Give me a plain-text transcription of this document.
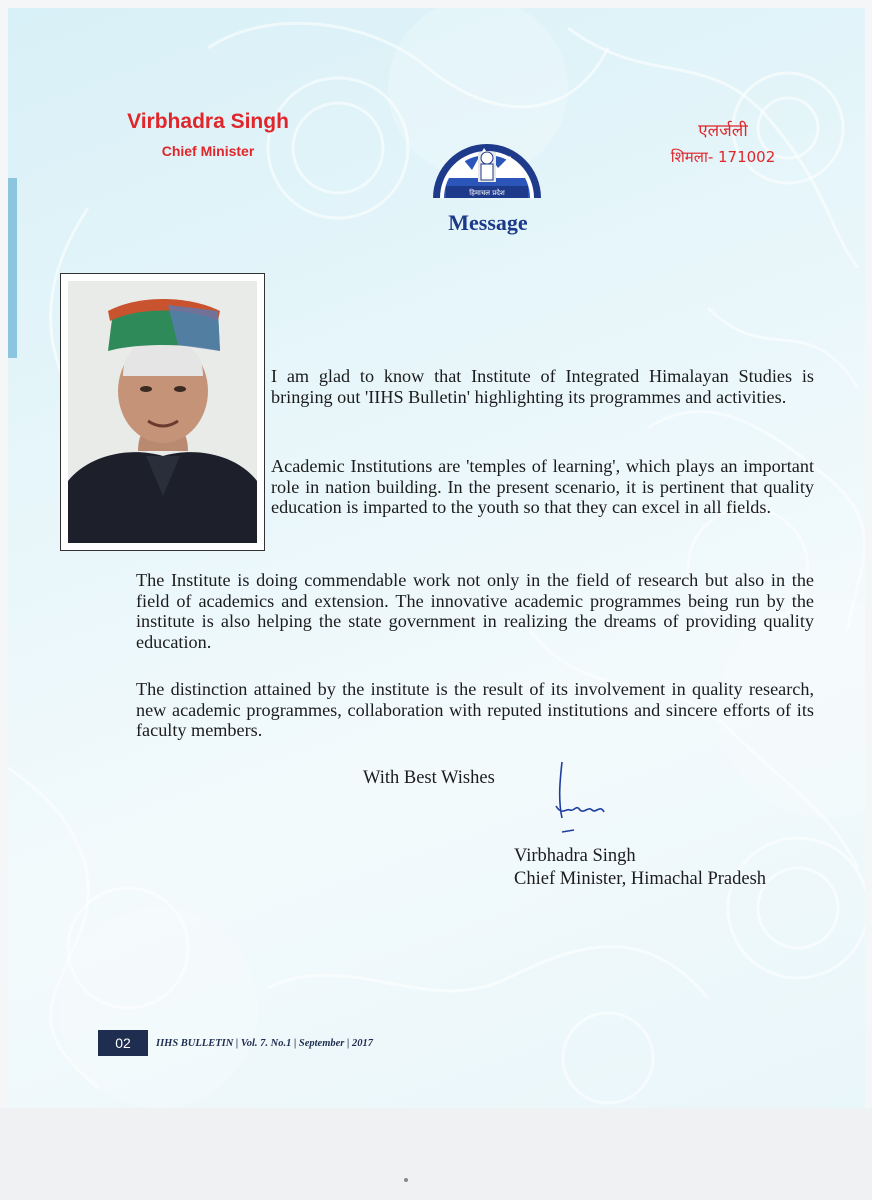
Virbhadra Singh
Chief Minister
हिमाचल प्रदेश
एलर्जली
शिमला- 171002
Message

I am glad to know that Institute of Integrated Himalayan Studies is bringing out 'IIHS Bulletin' highlighting its programmes and activities.

Academic Institutions are 'temples of learning', which plays an important role in nation building. In the present scenario, it is pertinent that quality education is imparted to the youth so that they can excel in all fields.

The Institute is doing commendable work not only in the field of research but also in the field of academics and extension. The innovative academic programmes being run by the institute is also helping the state government in realizing the dreams of providing quality education.

The distinction attained by the institute is the result of its involvement in quality research, new academic programmes, collaboration with reputed institutions and sincere efforts of its faculty members.

With Best Wishes
Virbhadra Singh
Chief Minister, Himachal Pradesh
02	IIHS BULLETIN | Vol. 7. No.1 | September | 2017
